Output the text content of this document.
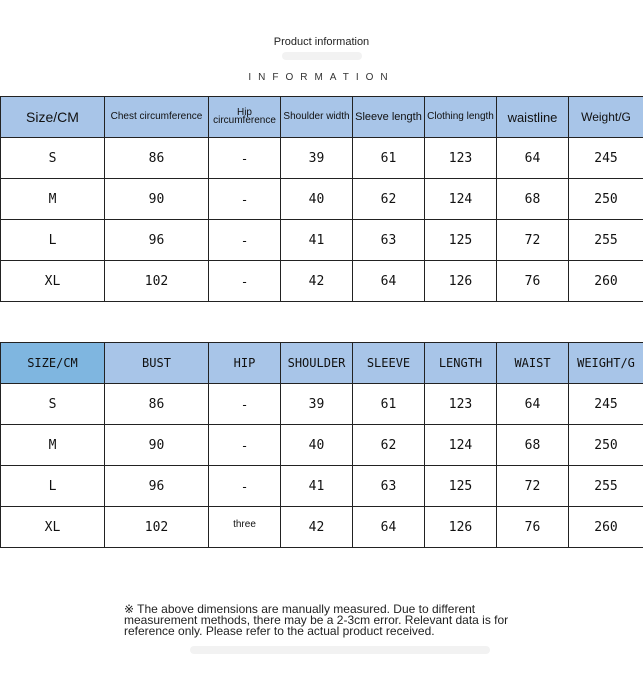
Product information
INFORMATION
Size/CM	Chest circumference	Hip circumference	Shoulder width	Sleeve length	Clothing length	waistline	Weight/G
S	86	-	39	61	123	64	245
M	90	-	40	62	124	68	250
L	96	-	41	63	125	72	255
XL	102	-	42	64	126	76	260
SIZE/CM	BUST	HIP	SHOULDER	SLEEVE	LENGTH	WAIST	WEIGHT/G
S	86	-	39	61	123	64	245
M	90	-	40	62	124	68	250
L	96	-	41	63	125	72	255
XL	102	three	42	64	126	76	260
※ The above dimensions are manually measured. Due to different measurement methods, there may be a 2-3cm error. Relevant data is for reference only. Please refer to the actual product received.
